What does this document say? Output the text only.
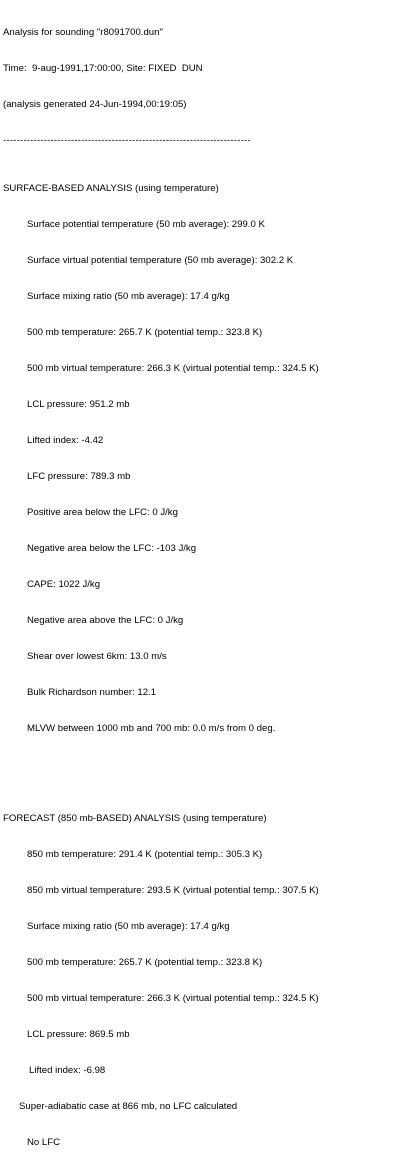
Analysis for sounding "r8091700.dun"

Time:  9-aug-1991,17:00:00, Site: FIXED  DUN

(analysis generated 24-Jun-1994,00:19:05)

-------------------------------------------------------------------------

SURFACE-BASED ANALYSIS (using temperature)

Surface potential temperature (50 mb average): 299.0 K

Surface virtual potential temperature (50 mb average): 302.2 K

Surface mixing ratio (50 mb average): 17.4 g/kg

500 mb temperature: 265.7 K (potential temp.: 323.8 K)

500 mb virtual temperature: 266.3 K (virtual potential temp.: 324.5 K)

LCL pressure: 951.2 mb

Lifted index: -4.42

LFC pressure: 789.3 mb

Positive area below the LFC: 0 J/kg

Negative area below the LFC: -103 J/kg

CAPE: 1022 J/kg

Negative area above the LFC: 0 J/kg

Shear over lowest 6km: 13.0 m/s

Bulk Richardson number: 12.1

MLVW between 1000 mb and 700 mb: 0.0 m/s from 0 deg.

FORECAST (850 mb-BASED) ANALYSIS (using temperature)

850 mb temperature: 291.4 K (potential temp.: 305.3 K)

850 mb virtual temperature: 293.5 K (virtual potential temp.: 307.5 K)

Surface mixing ratio (50 mb average): 17.4 g/kg

500 mb temperature: 265.7 K (potential temp.: 323.8 K)

500 mb virtual temperature: 266.3 K (virtual potential temp.: 324.5 K)

LCL pressure: 869.5 mb

Lifted index: -6.98

Super-adiabatic case at 866 mb, no LFC calculated

No LFC
